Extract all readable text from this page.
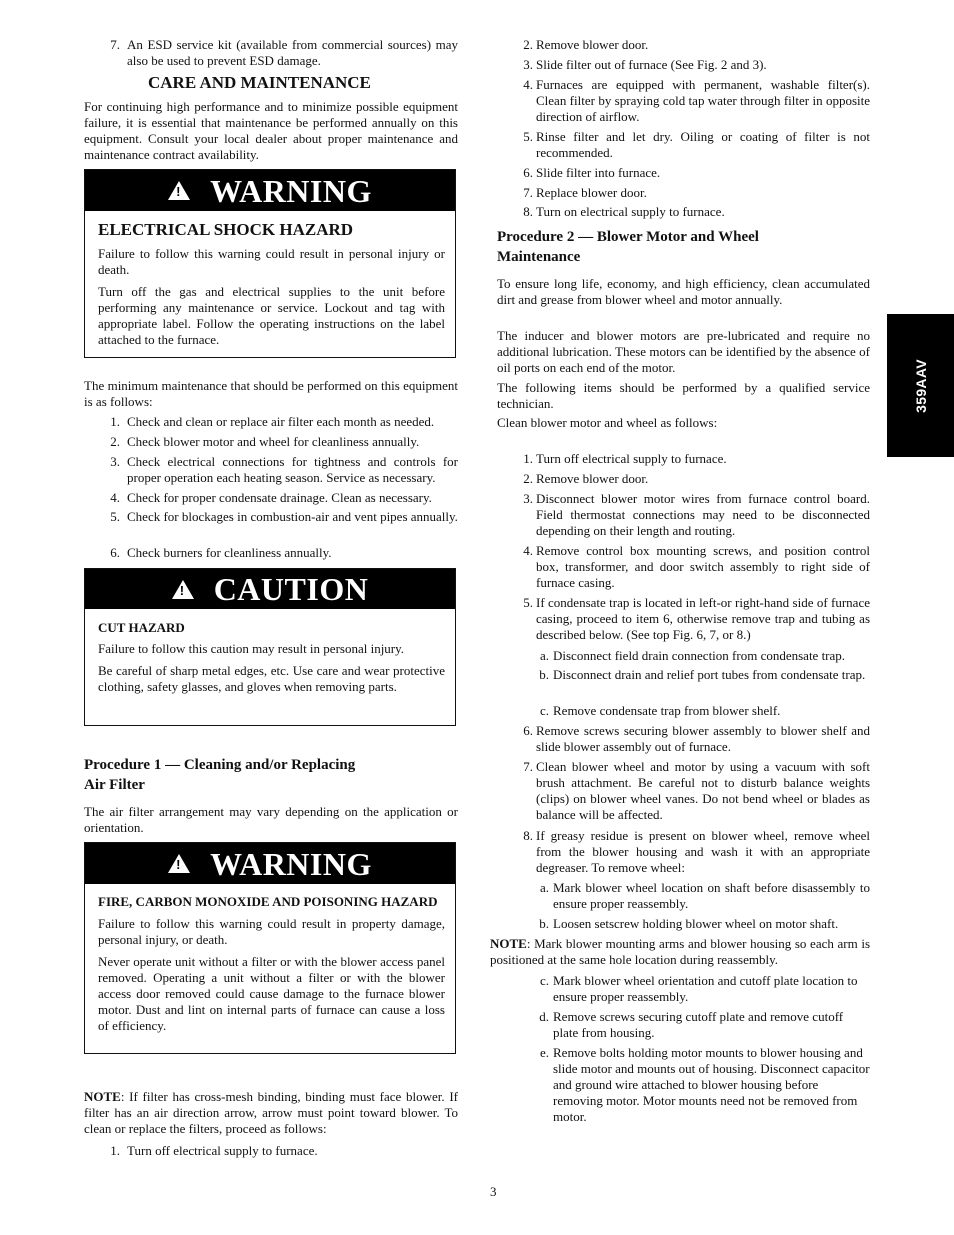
7. An ESD service kit (available from commercial sources) may also be used to prevent ESD damage.
CARE AND MAINTENANCE

For continuing high performance and to minimize possible equipment failure, it is essential that maintenance be performed annually on this equipment. Consult your local dealer about proper maintenance and maintenance contract availability.

! WARNING
ELECTRICAL SHOCK HAZARD

Failure to follow this warning could result in personal injury or death.

Turn off the gas and electrical supplies to the unit before performing any maintenance or service. Lockout and tag with appropriate label. Follow the operating instructions on the label attached to the furnace.

The minimum maintenance that should be performed on this equipment is as follows:

1. Check and clean or replace air filter each month as needed.
2. Check blower motor and wheel for cleanliness annually.
3. Check electrical connections for tightness and controls for proper operation each heating season. Service as necessary.
4. Check for proper condensate drainage. Clean as necessary.
5. Check for blockages in combustion-air and vent pipes annually.
6. Check burners for cleanliness annually.
! CAUTION
CUT HAZARD

Failure to follow this caution may result in personal injury.

Be careful of sharp metal edges, etc. Use care and wear protective clothing, safety glasses, and gloves when removing parts.

Procedure 1 — Cleaning and/or Replacing
Air Filter

The air filter arrangement may vary depending on the application or orientation.

! WARNING

FIRE, CARBON MONOXIDE AND POISONING HAZARD

Failure to follow this warning could result in property damage, personal injury, or death.

Never operate unit without a filter or with the blower access panel removed. Operating a unit without a filter or with the blower access door removed could cause damage to the furnace blower motor. Dust and lint on internal parts of furnace can cause a loss of efficiency.

NOTE: If filter has cross-mesh binding, binding must face blower. If filter has an air direction arrow, arrow must point toward blower. To clean or replace the filters, proceed as follows:

1. Turn off electrical supply to furnace.
2. Remove blower door.
3. Slide filter out of furnace (See Fig. 2 and 3).
4. Furnaces are equipped with permanent, washable filter(s). Clean filter by spraying cold tap water through filter in opposite direction of airflow.
5. Rinse filter and let dry. Oiling or coating of filter is not recommended.
6. Slide filter into furnace.
7. Replace blower door.
8. Turn on electrical supply to furnace.
Procedure 2 — Blower Motor and Wheel
Maintenance

To ensure long life, economy, and high efficiency, clean accumulated dirt and grease from blower wheel and motor annually.

The inducer and blower motors are pre-lubricated and require no additional lubrication. These motors can be identified by the absence of oil ports on each end of the motor.

The following items should be performed by a qualified service technician.

Clean blower motor and wheel as follows:

1. Turn off electrical supply to furnace.
2. Remove blower door.
3. Disconnect blower motor wires from furnace control board. Field thermostat connections may need to be disconnected depending on their length and routing.
4. Remove control box mounting screws, and position control box, transformer, and door switch assembly to right side of furnace casing.
5. If condensate trap is located in left-or right-hand side of furnace casing, proceed to item 6, otherwise remove trap and tubing as described below. (See top Fig. 6, 7, or 8.)
a. Disconnect field drain connection from condensate trap.
b. Disconnect drain and relief port tubes from condensate trap.
c. Remove condensate trap from blower shelf.
6. Remove screws securing blower assembly to blower shelf and slide blower assembly out of furnace.
7. Clean blower wheel and motor by using a vacuum with soft brush attachment. Be careful not to disturb balance weights (clips) on blower wheel vanes. Do not bend wheel or blades as balance will be affected.
8. If greasy residue is present on blower wheel, remove wheel from the blower housing and wash it with an appropriate degreaser. To remove wheel:
a. Mark blower wheel location on shaft before disassembly to ensure proper reassembly.
b. Loosen setscrew holding blower wheel on motor shaft.

NOTE: Mark blower mounting arms and blower housing so each arm is positioned at the same hole location during reassembly.

c. Mark blower wheel orientation and cutoff plate location to ensure proper reassembly.
d. Remove screws securing cutoff plate and remove cutoff plate from housing.
e. Remove bolts holding motor mounts to blower housing and slide motor and mounts out of housing. Disconnect capacitor and ground wire attached to blower housing before removing motor. Motor mounts need not be removed from motor.
359AAV
3
